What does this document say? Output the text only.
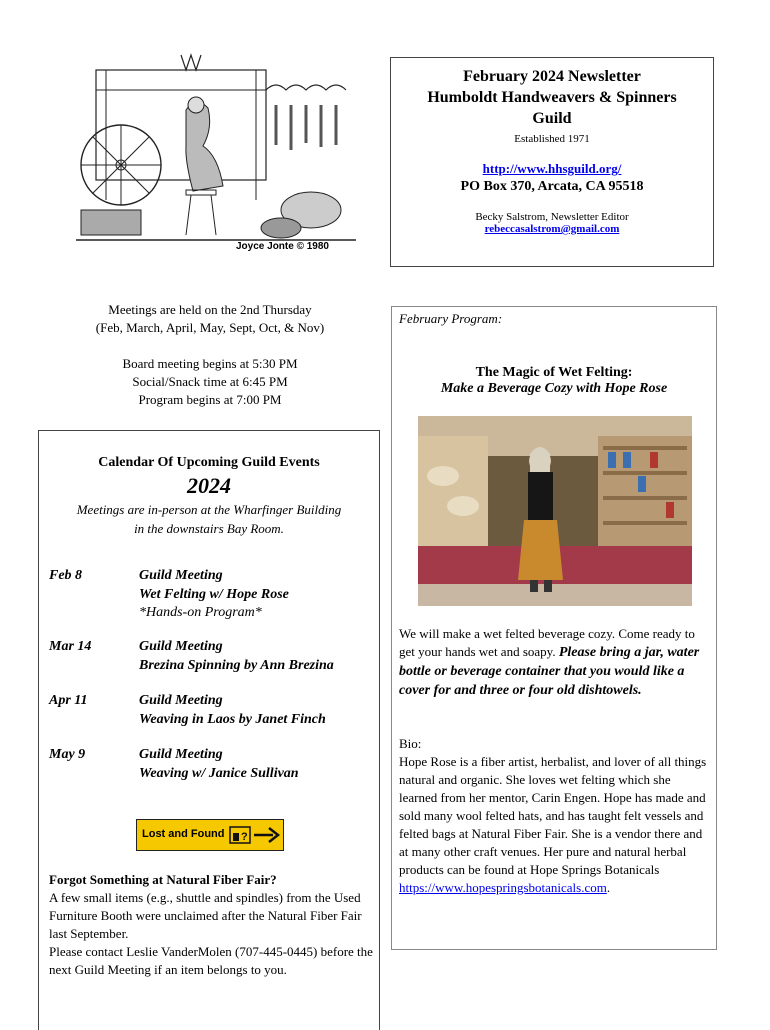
Joyce Jonte © 1980
February 2024 Newsletter
Humboldt Handweavers & Spinners
Guild
Established 1971
http://www.hhsguild.org/
PO Box 370, Arcata, CA 95518
Becky Salstrom, Newsletter Editor
rebeccasalstrom@gmail.com
Meetings are held on the 2nd Thursday
(Feb, March, April, May, Sept, Oct, & Nov)
Board meeting begins at 5:30 PM
Social/Snack time at 6:45 PM
Program begins at 7:00 PM
Calendar Of Upcoming Guild Events
2024
Meetings are in-person at the Wharfinger Building
in the downstairs Bay Room.
Feb 8	Guild Meeting
Wet Felting w/ Hope Rose
*Hands-on Program*
Mar 14	Guild Meeting
Brezina Spinning by Ann Brezina
Apr 11	Guild Meeting
Weaving in Laos by Janet Finch
May 9	Guild Meeting
Weaving w/ Janice Sullivan
Lost and Found ?
Forgot Something at Natural Fiber Fair?
A few small items (e.g., shuttle and spindles) from the Used Furniture Booth were unclaimed after the Natural Fiber Fair last September.
Please contact Leslie VanderMolen (707-445-0445) before the next Guild Meeting if an item belongs to you.
February Program:
The Magic of Wet Felting:
Make a Beverage Cozy with Hope Rose
We will make a wet felted beverage cozy. Come ready to get your hands wet and soapy. Please bring a jar, water bottle or beverage container that you would like a cover for and three or four old dishtowels.
Bio:
Hope Rose is a fiber artist, herbalist, and lover of all things natural and organic. She loves wet felting which she learned from her mentor, Carin Engen. Hope has made and sold many wool felted hats, and has taught felt vessels and felted bags at Natural Fiber Fair. She is a vendor there and at many other craft venues. Her pure and natural herbal products can be found at Hope Springs Botanicals https://www.hopespringsbotanicals.com.
